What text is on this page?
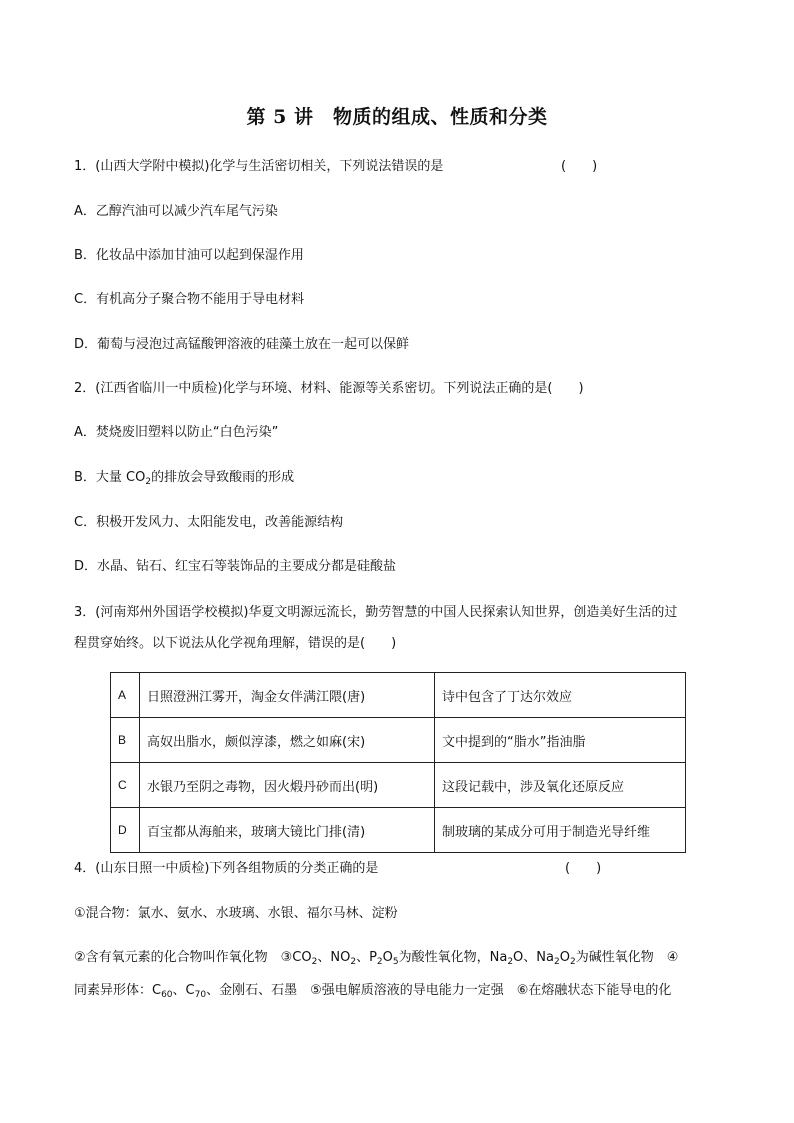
第 5 讲　物质的组成、性质和分类
1．(山西大学附中模拟)化学与生活密切相关，下列说法错误的是	(　　)
A．乙醇汽油可以减少汽车尾气污染
B．化妆品中添加甘油可以起到保湿作用
C．有机高分子聚合物不能用于导电材料
D．葡萄与浸泡过高锰酸钾溶液的硅藻土放在一起可以保鲜
2．(江西省临川一中质检)化学与环境、材料、能源等关系密切。下列说法正确的是(　　)
A．焚烧废旧塑料以防止“白色污染”
B．大量 $CO_2$的排放会导致酸雨的形成
C．积极开发风力、太阳能发电，改善能源结构
D．水晶、钻石、红宝石等装饰品的主要成分都是硅酸盐
3．(河南郑州外国语学校模拟)华夏文明源远流长，勤劳智慧的中国人民探索认知世界，创造美好生活的过
程贯穿始终。以下说法从化学视角理解，错误的是(　　)
A	日照澄洲江雾开，淘金女伴满江隈(唐)	诗中包含了丁达尔效应
B	高奴出脂水，颇似淳漆，燃之如麻(宋)	文中提到的“脂水”指油脂
C	水银乃至阴之毒物，因火煅丹砂而出(明)	这段记载中，涉及氧化还原反应
D	百宝都从海舶来，玻璃大镜比门排(清)	制玻璃的某成分可用于制造光导纤维
4．(山东日照一中质检)下列各组物质的分类正确的是	(　　)
①混合物：氯水、氨水、水玻璃、水银、福尔马林、淀粉
②含有氧元素的化合物叫作氧化物　$③CO_2$、$NO_2$、$P_2O_5$为酸性氧化物，$Na_2O$、$Na_2O_2$为碱性氧化物　④
同素异形体：$C_{60}$、$C_{70}$、金刚石、石墨　⑤强电解质溶液的导电能力一定强　⑥在熔融状态下能导电的化
